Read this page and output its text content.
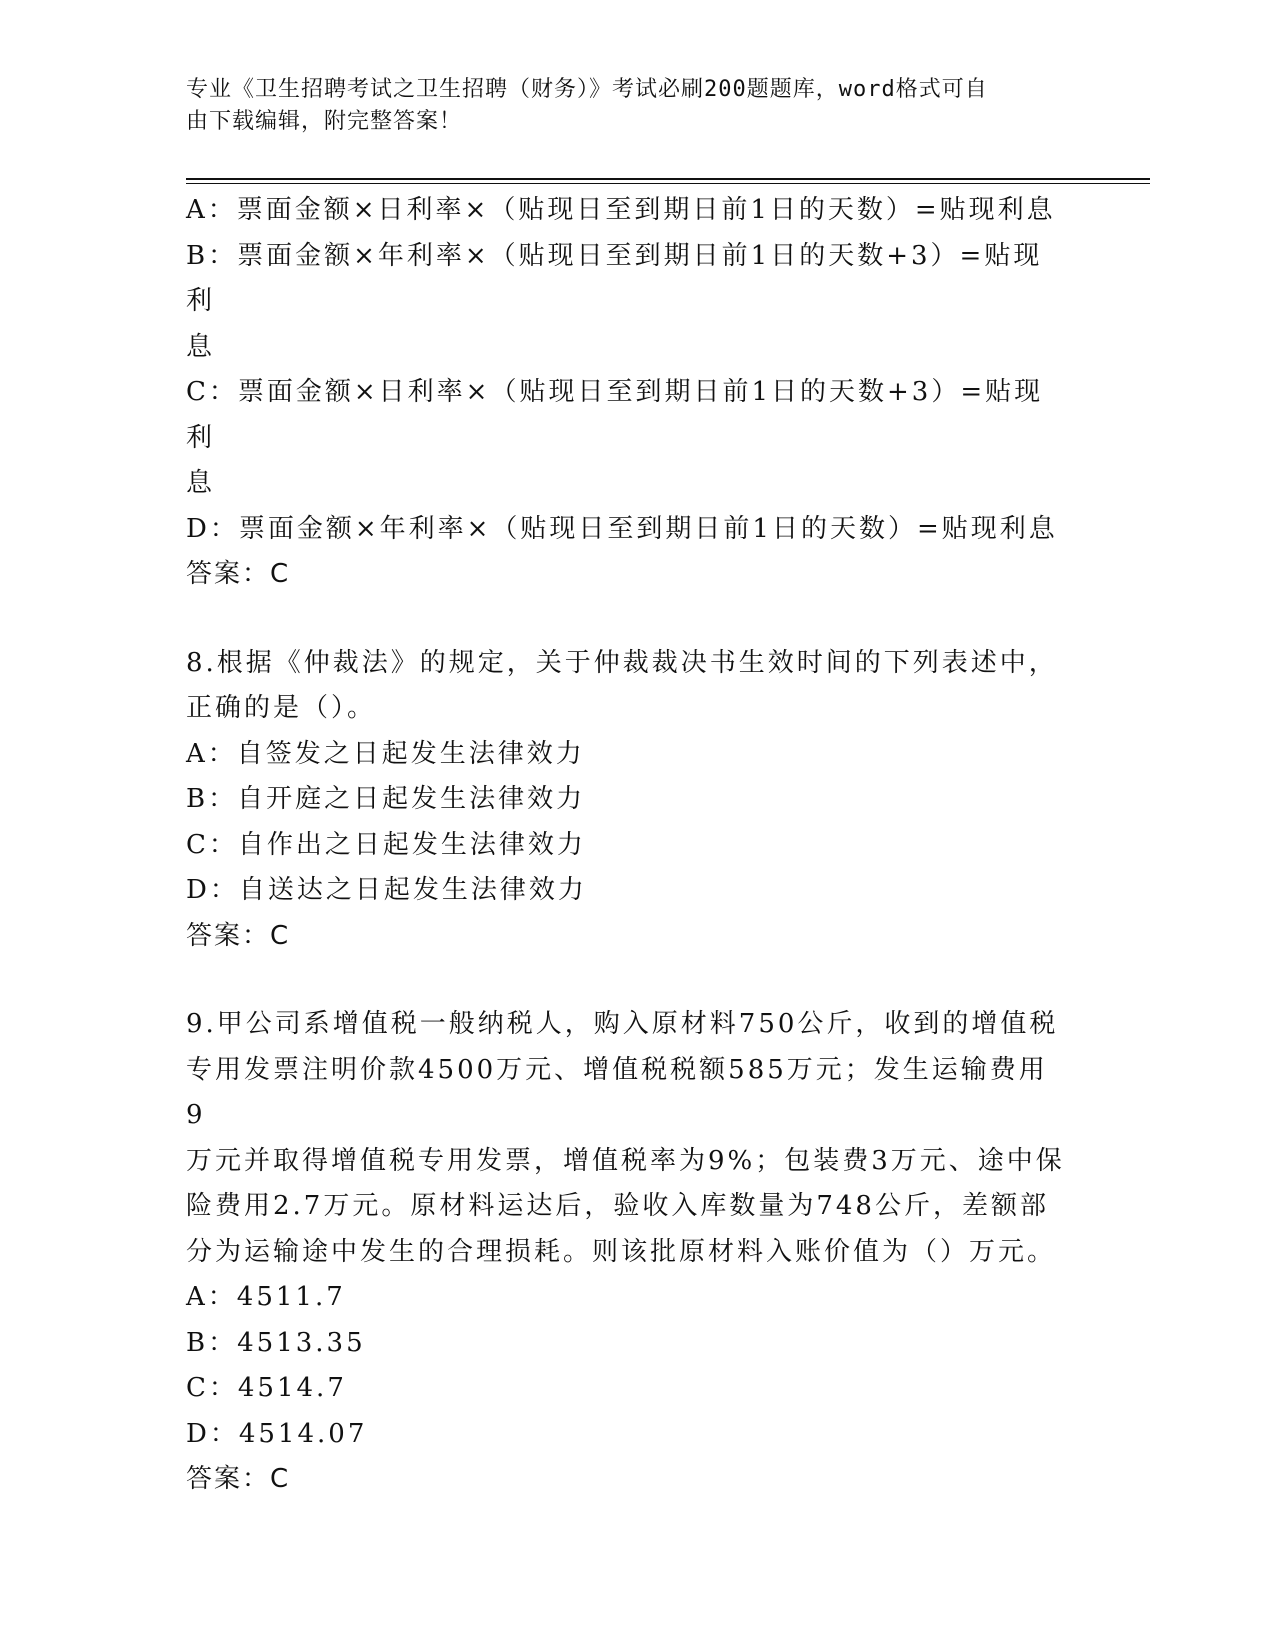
专业《卫生招聘考试之卫生招聘（财务）》考试必刷200题题库，word格式可自
由下载编辑，附完整答案！
A：票面金额×日利率×（贴现日至到期日前1日的天数）=贴现利息
B：票面金额×年利率×（贴现日至到期日前1日的天数+3）=贴现利
息
C：票面金额×日利率×（贴现日至到期日前1日的天数+3）=贴现利
息
D：票面金额×年利率×（贴现日至到期日前1日的天数）=贴现利息
答案：C
8.根据《仲裁法》的规定，关于仲裁裁决书生效时间的下列表述中，
正确的是（）。
A：自签发之日起发生法律效力
B：自开庭之日起发生法律效力
C：自作出之日起发生法律效力
D：自送达之日起发生法律效力
答案：C
9.甲公司系增值税一般纳税人，购入原材料750公斤，收到的增值税
专用发票注明价款4500万元、增值税税额585万元；发生运输费用9
万元并取得增值税专用发票，增值税率为9%；包装费3万元、途中保
险费用2.7万元。原材料运达后，验收入库数量为748公斤，差额部
分为运输途中发生的合理损耗。则该批原材料入账价值为（）万元。
A：4511.7
B：4513.35
C：4514.7
D：4514.07
答案：C
